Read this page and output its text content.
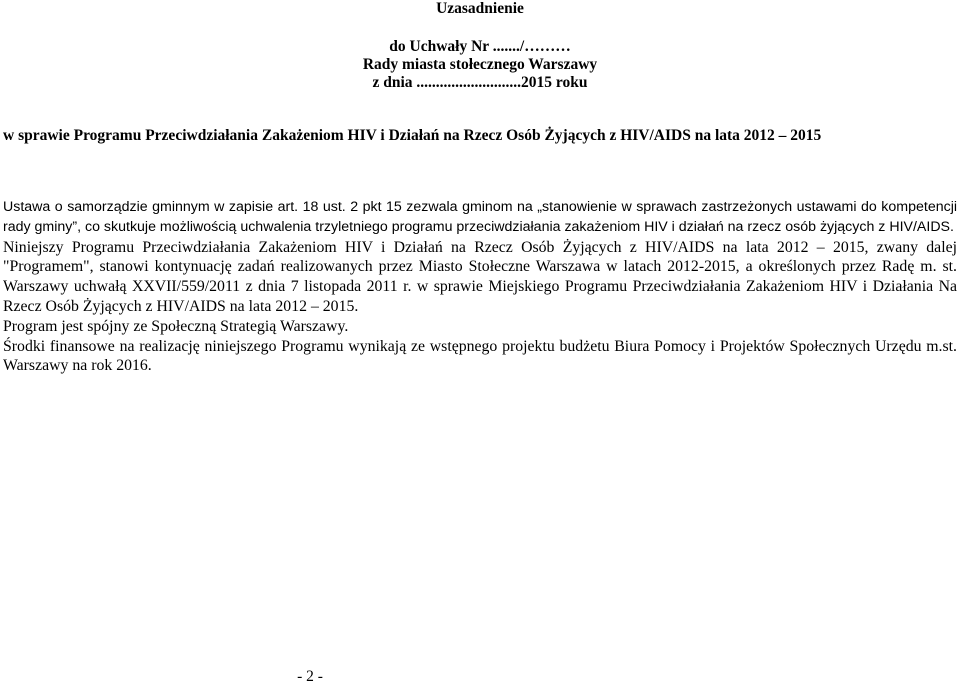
Uzasadnienie
do Uchwały Nr ......./………
Rady miasta stołecznego Warszawy
z dnia ...........................2015 roku
w sprawie Programu Przeciwdziałania Zakażeniom HIV i Działań na Rzecz Osób Żyjących z HIV/AIDS na lata 2012 – 2015

Ustawa o samorządzie gminnym w zapisie art. 18 ust. 2 pkt 15 zezwala gminom na „stanowienie w sprawach zastrzeżonych ustawami do kompetencji rady gminy”, co skutkuje możliwością uchwalenia trzyletniego programu przeciwdziałania zakażeniom HIV i działań na rzecz osób żyjących z HIV/AIDS.

Niniejszy Programu Przeciwdziałania Zakażeniom HIV i Działań na Rzecz Osób Żyjących z HIV/AIDS na lata 2012 – 2015, zwany dalej "Programem", stanowi kontynuację zadań realizowanych przez Miasto Stołeczne Warszawa w latach 2012-2015, a określonych przez Radę m. st. Warszawy uchwałą XXVII/559/2011 z dnia 7 listopada 2011 r. w sprawie Miejskiego Programu Przeciwdziałania Zakażeniom HIV i Działania Na Rzecz Osób Żyjących z HIV/AIDS na lata 2012 – 2015.

Program jest spójny ze Społeczną Strategią Warszawy.

Środki finansowe na realizację niniejszego Programu wynikają ze wstępnego projektu budżetu Biura Pomocy i Projektów Społecznych Urzędu m.st. Warszawy na rok 2016.

- 2 -
